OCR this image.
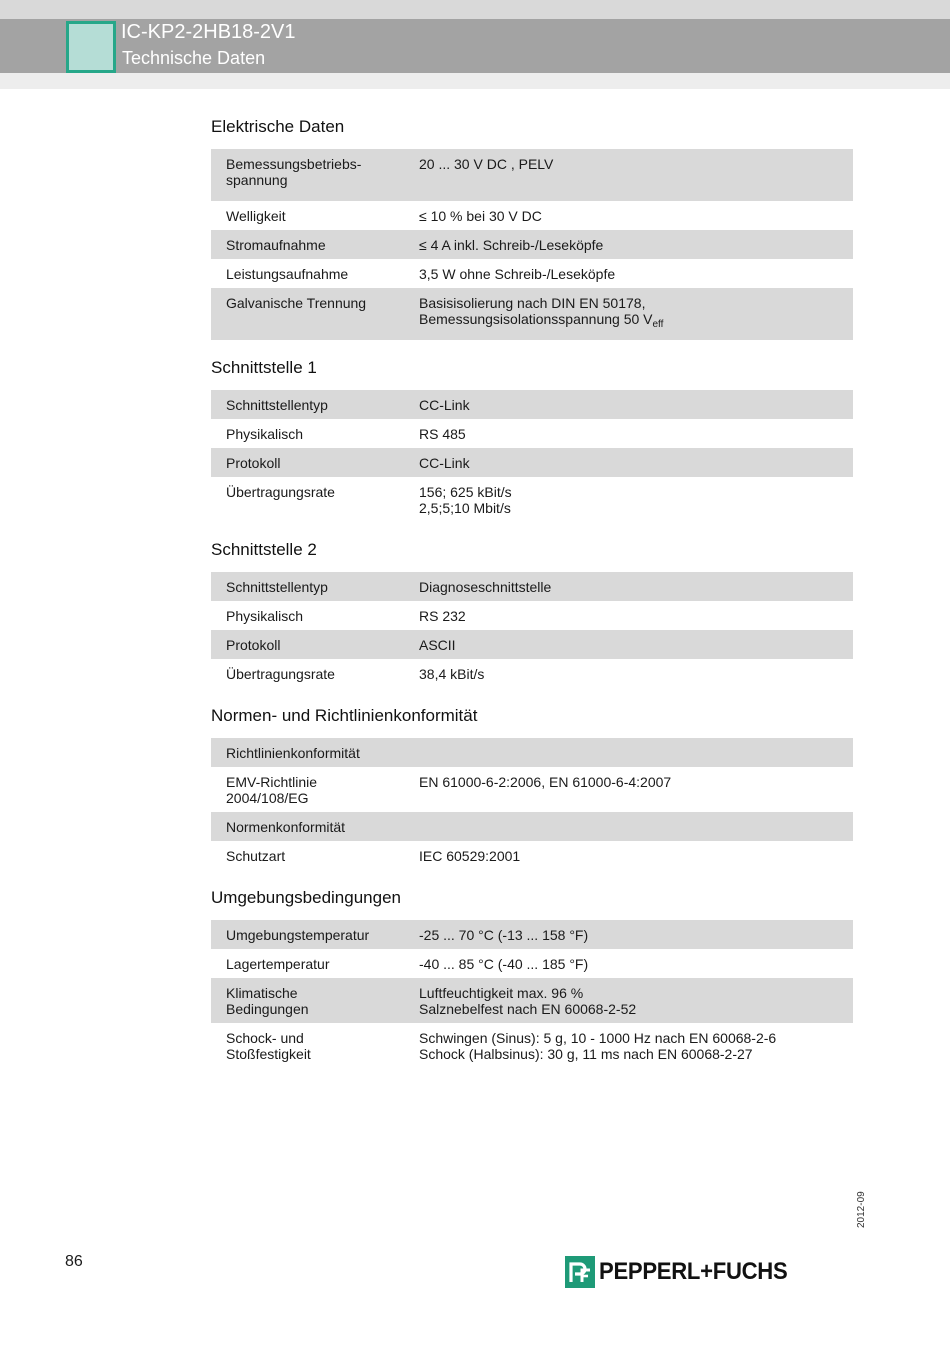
IC-KP2-2HB18-2V1
Technische Daten
Elektrische Daten
Bemessungsbetriebs-
spannung	20 ... 30 V DC , PELV
Welligkeit	≤ 10 % bei 30 V DC
Stromaufnahme	≤ 4 A inkl. Schreib-/Leseköpfe
Leistungsaufnahme	3,5 W ohne Schreib-/Leseköpfe
Galvanische Trennung	Basisisolierung nach DIN EN 50178,
Bemessungsisolationsspannung 50 $V_{eff}$
Schnittstelle 1
Schnittstellentyp	CC-Link
Physikalisch	RS 485
Protokoll	CC-Link
Übertragungsrate	156; 625 kBit/s
2,5;5;10 Mbit/s
Schnittstelle 2
Schnittstellentyp	Diagnoseschnittstelle
Physikalisch	RS 232
Protokoll	ASCII
Übertragungsrate	38,4 kBit/s
Normen- und Richtlinienkonformität
Richtlinienkonformität	
EMV-Richtlinie
2004/108/EG	EN 61000-6-2:2006, EN 61000-6-4:2007
Normenkonformität	
Schutzart	IEC 60529:2001
Umgebungsbedingungen
Umgebungstemperatur	-25 ... 70 °C (-13 ... 158 °F)
Lagertemperatur	-40 ... 85 °C (-40 ... 185 °F)
Klimatische
Bedingungen	Luftfeuchtigkeit max. 96 %
Salznebelfest nach EN 60068-2-52
Schock- und
Stoßfestigkeit	Schwingen (Sinus): 5 g, 10 - 1000 Hz nach EN 60068-2-6
Schock (Halbsinus): 30 g, 11 ms nach EN 60068-2-27
2012-09
86	PEPPERL+FUCHS
